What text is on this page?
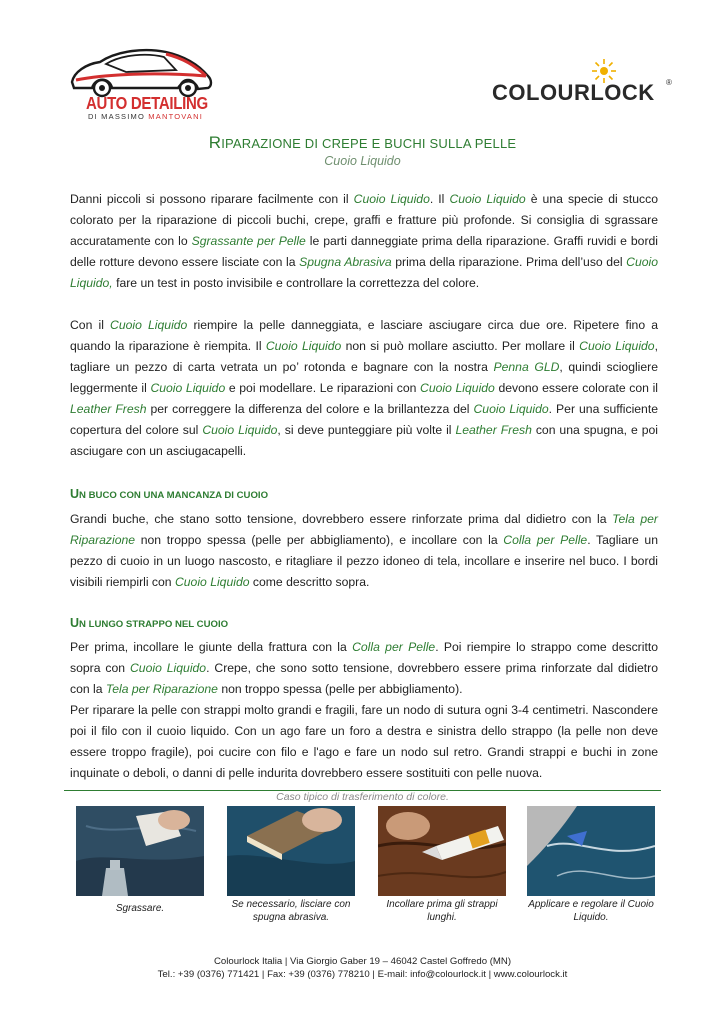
AUTO DETAILING
DI MASSIMO MANTOVANI
COLOURLOCK ®
RIPARAZIONE DI CREPE E BUCHI SULLA PELLE
Cuoio Liquido
Danni piccoli si possono riparare facilmente con il Cuoio Liquido. Il Cuoio Liquido è una specie di stucco colorato per la riparazione di piccoli buchi, crepe, graffi e fratture più profonde. Si consiglia di sgrassare accuratamente con lo Sgrassante per Pelle le parti danneggiate prima della riparazione. Graffi ruvidi e bordi delle rotture devono essere lisciate con la Spugna Abrasiva prima della riparazione. Prima dell’uso del Cuoio Liquido, fare un test in posto invisibile e controllare la correttezza del colore.
Con il Cuoio Liquido riempire la pelle danneggiata, e lasciare asciugare circa due ore. Ripetere fino a quando la riparazione è riempita. Il Cuoio Liquido non si può mollare asciutto. Per mollare il Cuoio Liquido, tagliare un pezzo di carta vetrata un po’ rotonda e bagnare con la nostra Penna GLD, quindi sciogliere leggermente il Cuoio Liquido e poi modellare. Le riparazioni con Cuoio Liquido devono essere colorate con il Leather Fresh per correggere la differenza del colore e la brillantezza del Cuoio Liquido. Per una sufficiente copertura del colore sul Cuoio Liquido, si deve punteggiare più volte il Leather Fresh con una spugna, e poi asciugare con un asciugacapelli.
UN BUCO CON UNA MANCANZA DI CUOIO
Grandi buche, che stano sotto tensione, dovrebbero essere rinforzate prima dal didietro con la Tela per Riparazione non troppo spessa (pelle per abbigliamento), e incollare con la Colla per Pelle. Tagliare un pezzo di cuoio in un luogo nascosto, e ritagliare il pezzo idoneo di tela, incollare e inserire nel buco. I bordi visibili riempirli con Cuoio Liquido come descritto sopra.
UN LUNGO STRAPPO NEL CUOIO
Per prima, incollare le giunte della frattura con la Colla per Pelle. Poi riempire lo strappo come descritto sopra con Cuoio Liquido. Crepe, che sono sotto tensione, dovrebbero essere prima rinforzate dal didietro con la Tela per Riparazione non troppo spessa (pelle per abbigliamento).
Per riparare la pelle con strappi molto grandi e fragili, fare un nodo di sutura ogni 3-4 centimetri. Nascondere poi il filo con il cuoio liquido. Con un ago fare un foro a destra e sinistra dello strappo (la pelle non deve essere troppo fragile), poi cucire con filo e l'ago e fare un nodo sul retro. Grandi strappi e buchi in zone inquinate o deboli, o danni di pelle indurita dovrebbero essere sostituiti con pelle nuova.
Caso tipico di trasferimento di colore.
Sgrassare.	Se necessario, lisciare con spugna abrasiva.
Incollare prima gli strappi lunghi.
Applicare e regolare il Cuoio Liquido.
Colourlock Italia | Via Giorgio Gaber 19 – 46042 Castel Goffredo (MN)
Tel.: +39 (0376) 771421 | Fax: +39 (0376) 778210 | E-mail: info@colourlock.it | www.colourlock.it
